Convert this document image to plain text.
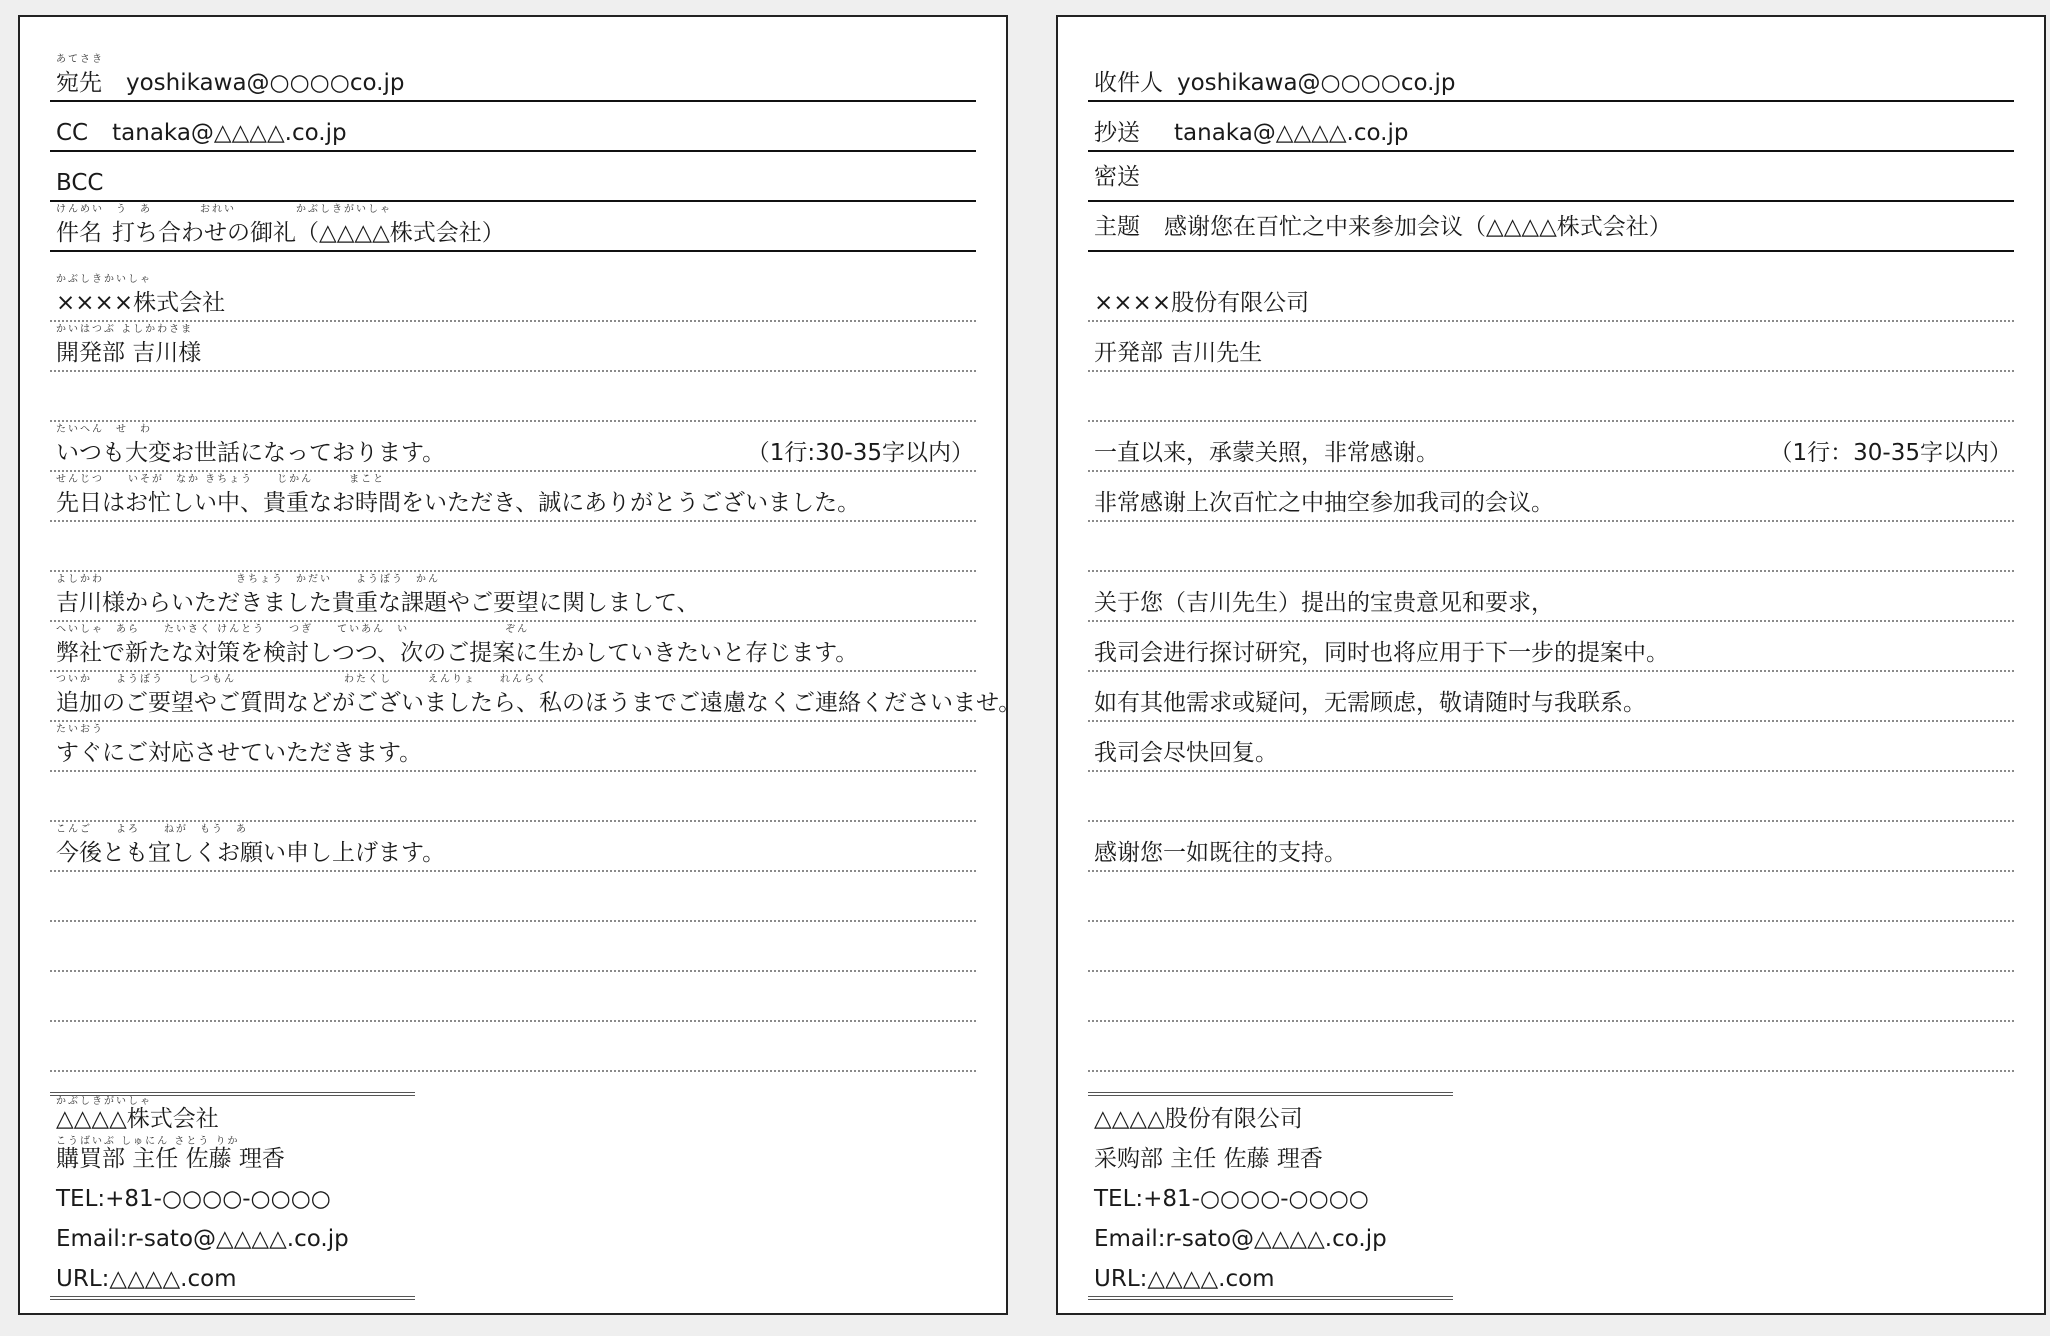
あてさき
宛先 yoshikawa@○○○○co.jp
CC tanaka@△△△△.co.jp
BCC
けんめい　う　あ　　　　おれい　　　　　かぶしきがいしゃ
件名 打ち合わせの御礼（△△△△株式会社）
かぶしきかいしゃ
××××株式会社
かいはつぶ よしかわさま
開発部 吉川様
たいへん　せ　わ
いつも大変お世話になっております。	（1行:30-35字以内）
せんじつ　　いそが　なか きちょう　　じかん　　　まこと
先日はお忙しい中、貴重なお時間をいただき、誠にありがとうございました。
よしかわ　　　　　　　　　　　きちょう　かだい　　ようぼう　かん
吉川様からいただきました貴重な課題やご要望に関しまして、
へいしゃ　あら　　たいさく けんとう　　つぎ　　ていあん　い　　　　　　　　ぞん
弊社で新たな対策を検討しつつ、次のご提案に生かしていきたいと存じます。
ついか　　ようぼう　　しつもん　　　　　　　　　わたくし　　　えんりょ　　れんらく
追加のご要望やご質問などがございましたら、私のほうまでご遠慮なくご連絡くださいませ。
たいおう
すぐにご対応させていただきます。
こんご　　よろ　　ねが　もう　あ
今後とも宜しくお願い申し上げます。
かぶしきがいしゃ
△△△△株式会社
こうばいぶ しゅにん さとう りか
購買部 主任 佐藤 理香
TEL:+81-○○○○-○○○○
Email:r-sato@△△△△.co.jp
URL:△△△△.com
收件人 yoshikawa@○○○○co.jp
抄送 tanaka@△△△△.co.jp
密送
主题 感谢您在百忙之中来参加会议（△△△△株式会社）
××××股份有限公司
开発部 吉川先生
一直以来，承蒙关照，非常感谢。	（1行：30-35字以内）
非常感谢上次百忙之中抽空参加我司的会议。
关于您（吉川先生）提出的宝贵意见和要求，
我司会进行探讨研究，同时也将应用于下一步的提案中。
如有其他需求或疑问，无需顾虑，敬请随时与我联系。
我司会尽快回复。
感谢您一如既往的支持。
△△△△股份有限公司
采购部 主任 佐藤 理香
TEL:+81-○○○○-○○○○
Email:r-sato@△△△△.co.jp
URL:△△△△.com
